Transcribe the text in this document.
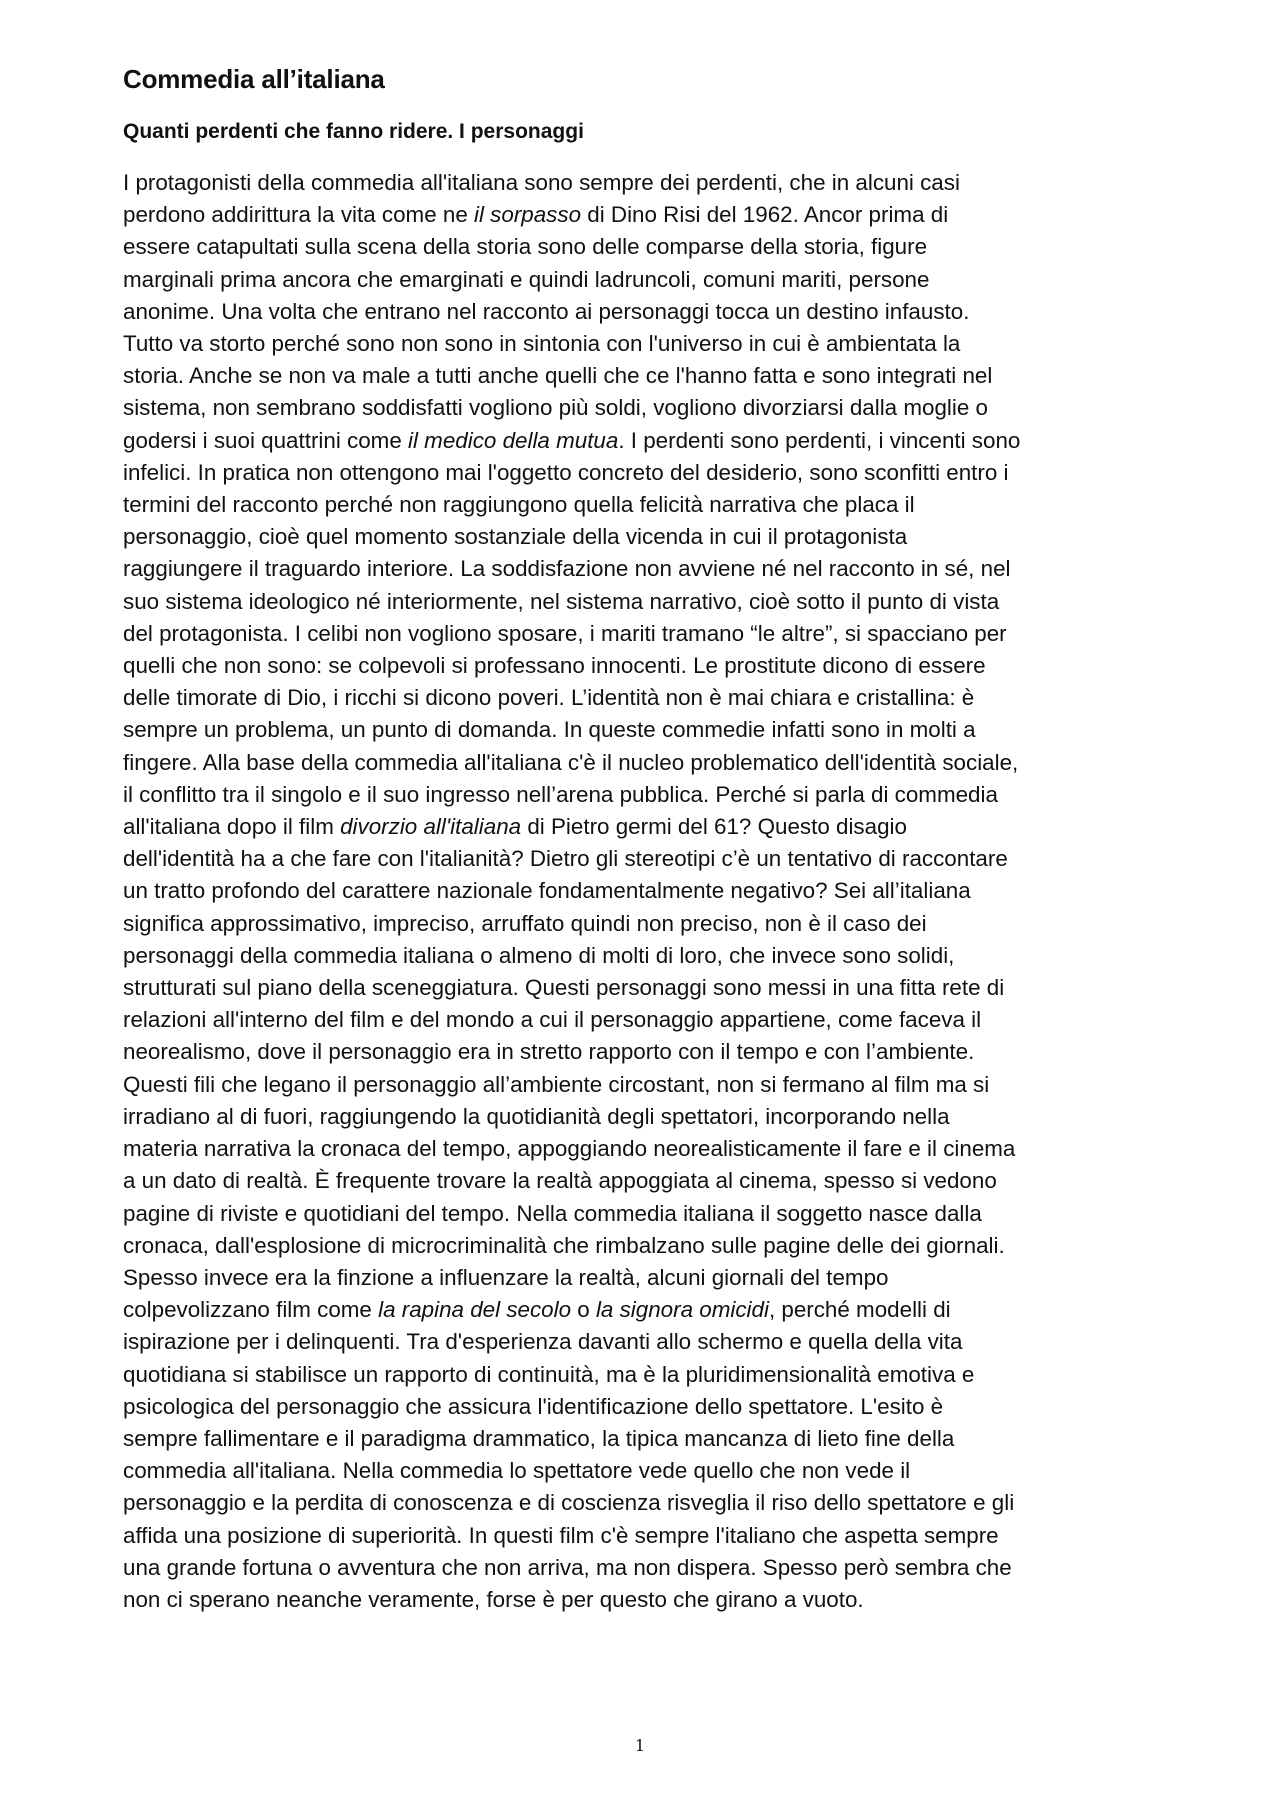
Commedia all’italiana
Quanti perdenti che fanno ridere. I personaggi
I protagonisti della commedia all'italiana sono sempre dei perdenti, che in alcuni casi
perdono addirittura la vita come ne il sorpasso di Dino Risi del 1962. Ancor prima di
essere catapultati sulla scena della storia sono delle comparse della storia, figure
marginali prima ancora che emarginati e quindi ladruncoli, comuni mariti, persone
anonime. Una volta che entrano nel racconto ai personaggi tocca un destino infausto.
Tutto va storto perché sono non sono in sintonia con l'universo in cui è ambientata la
storia. Anche se non va male a tutti anche quelli che ce l'hanno fatta e sono integrati nel
sistema, non sembrano soddisfatti vogliono più soldi, vogliono divorziarsi dalla moglie o
godersi i suoi quattrini come il medico della mutua. I perdenti sono perdenti, i vincenti sono
infelici. In pratica non ottengono mai l'oggetto concreto del desiderio, sono sconfitti entro i
termini del racconto perché non raggiungono quella felicità narrativa che placa il
personaggio, cioè quel momento sostanziale della vicenda in cui il protagonista
raggiungere il traguardo interiore. La soddisfazione non avviene né nel racconto in sé, nel
suo sistema ideologico né interiormente, nel sistema narrativo, cioè sotto il punto di vista
del protagonista. I celibi non vogliono sposare, i mariti tramano “le altre”, si spacciano per
quelli che non sono: se colpevoli si professano innocenti. Le prostitute dicono di essere
delle timorate di Dio, i ricchi si dicono poveri. L’identità non è mai chiara e cristallina: è
sempre un problema, un punto di domanda. In queste commedie infatti sono in molti a
fingere. Alla base della commedia all'italiana c'è il nucleo problematico dell'identità sociale,
il conflitto tra il singolo e il suo ingresso nell’arena pubblica. Perché si parla di commedia
all'italiana dopo il film divorzio all'italiana di Pietro germi del 61? Questo disagio
dell'identità ha a che fare con l'italianità? Dietro gli stereotipi c’è un tentativo di raccontare
un tratto profondo del carattere nazionale fondamentalmente negativo? Sei all’italiana
significa approssimativo, impreciso, arruffato quindi non preciso, non è il caso dei
personaggi della commedia italiana o almeno di molti di loro, che invece sono solidi,
strutturati sul piano della sceneggiatura. Questi personaggi sono messi in una fitta rete di
relazioni all'interno del film e del mondo a cui il personaggio appartiene, come faceva il
neorealismo, dove il personaggio era in stretto rapporto con il tempo e con l’ambiente.
Questi fili che legano il personaggio all’ambiente circostant, non si fermano al film ma si
irradiano al di fuori, raggiungendo la quotidianità degli spettatori, incorporando nella
materia narrativa la cronaca del tempo, appoggiando neorealisticamente il fare e il cinema
a un dato di realtà. È frequente trovare la realtà appoggiata al cinema, spesso si vedono
pagine di riviste e quotidiani del tempo. Nella commedia italiana il soggetto nasce dalla
cronaca, dall'esplosione di microcriminalità che rimbalzano sulle pagine delle dei giornali.
Spesso invece era la finzione a influenzare la realtà, alcuni giornali del tempo
colpevolizzano film come la rapina del secolo o la signora omicidi, perché modelli di
ispirazione per i delinquenti. Tra d'esperienza davanti allo schermo e quella della vita
quotidiana si stabilisce un rapporto di continuità, ma è la pluridimensionalità emotiva e
psicologica del personaggio che assicura l'identificazione dello spettatore. L'esito è
sempre fallimentare e il paradigma drammatico, la tipica mancanza di lieto fine della
commedia all'italiana. Nella commedia lo spettatore vede quello che non vede il
personaggio e la perdita di conoscenza e di coscienza risveglia il riso dello spettatore e gli
affida una posizione di superiorità. In questi film c'è sempre l'italiano che aspetta sempre
una grande fortuna o avventura che non arriva, ma non dispera. Spesso però sembra che
non ci sperano neanche veramente, forse è per questo che girano a vuoto.
1
